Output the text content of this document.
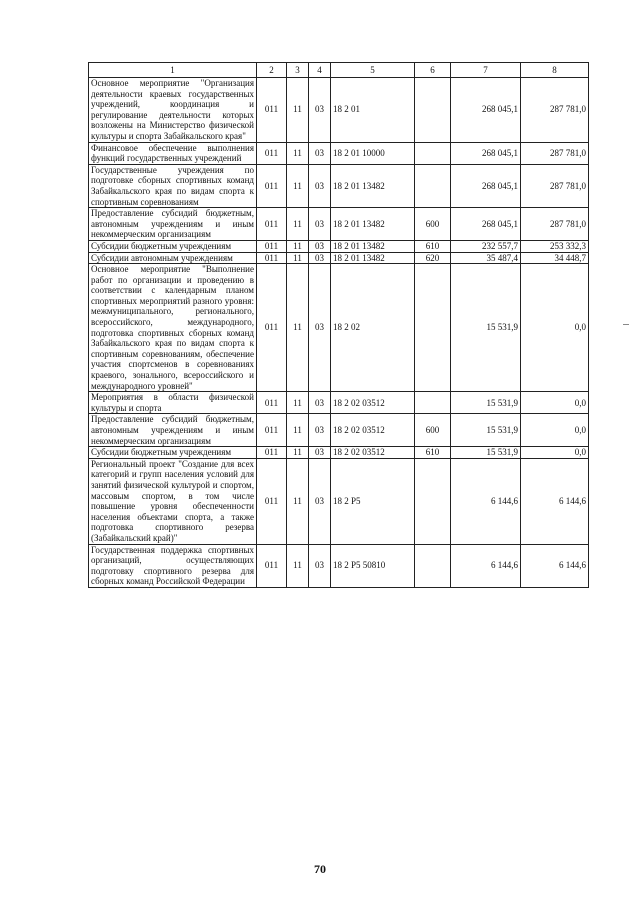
1	2	3	4	5	6	7	8
Основное мероприятие "Организация деятельности краевых государственных учреждений, координация и регулирование деятельности которых возложены на Министерство физической культуры и спорта Забайкальского края"	011	11	03	18 2 01		268 045,1	287 781,0
Финансовое обеспечение выполнения функций государственных учреждений	011	11	03	18 2 01 10000		268 045,1	287 781,0
Государственные учреждения по подготовке сборных спортивных команд Забайкальского края по видам спорта к спортивным соревнованиям	011	11	03	18 2 01 13482		268 045,1	287 781,0
Предоставление субсидий бюджетным, автономным учреждениям и иным некоммерческим организациям	011	11	03	18 2 01 13482	600	268 045,1	287 781,0
Субсидии бюджетным учреждениям	011	11	03	18 2 01 13482	610	232 557,7	253 332,3
Субсидии автономным учреждениям	011	11	03	18 2 01 13482	620	35 487,4	34 448,7
Основное мероприятие "Выполнение работ по организации и проведению в соответствии с календарным планом спортивных мероприятий разного уровня: межмуниципального, регионального, всероссийского, международного, подготовка спортивных сборных команд Забайкальского края по видам спорта к спортивным соревнованиям, обеспечение участия спортсменов в соревнованиях краевого, зонального, всероссийского и международного уровней"	011	11	03	18 2 02		15 531,9	0,0
Мероприятия в области физической культуры и спорта	011	11	03	18 2 02 03512		15 531,9	0,0
Предоставление субсидий бюджетным, автономным учреждениям и иным некоммерческим организациям	011	11	03	18 2 02 03512	600	15 531,9	0,0
Субсидии бюджетным учреждениям	011	11	03	18 2 02 03512	610	15 531,9	0,0
Региональный проект "Создание для всех категорий и групп населения условий для занятий физической культурой и спортом, массовым спортом, в том числе повышение уровня обеспеченности населения объектами спорта, а также подготовка спортивного резерва (Забайкальский край)"	011	11	03	18 2 P5		6 144,6	6 144,6
Государственная поддержка спортивных организаций, осуществляющих подготовку спортивного резерва для сборных команд Российской Федерации	011	11	03	18 2 P5 50810		6 144,6	6 144,6
70
